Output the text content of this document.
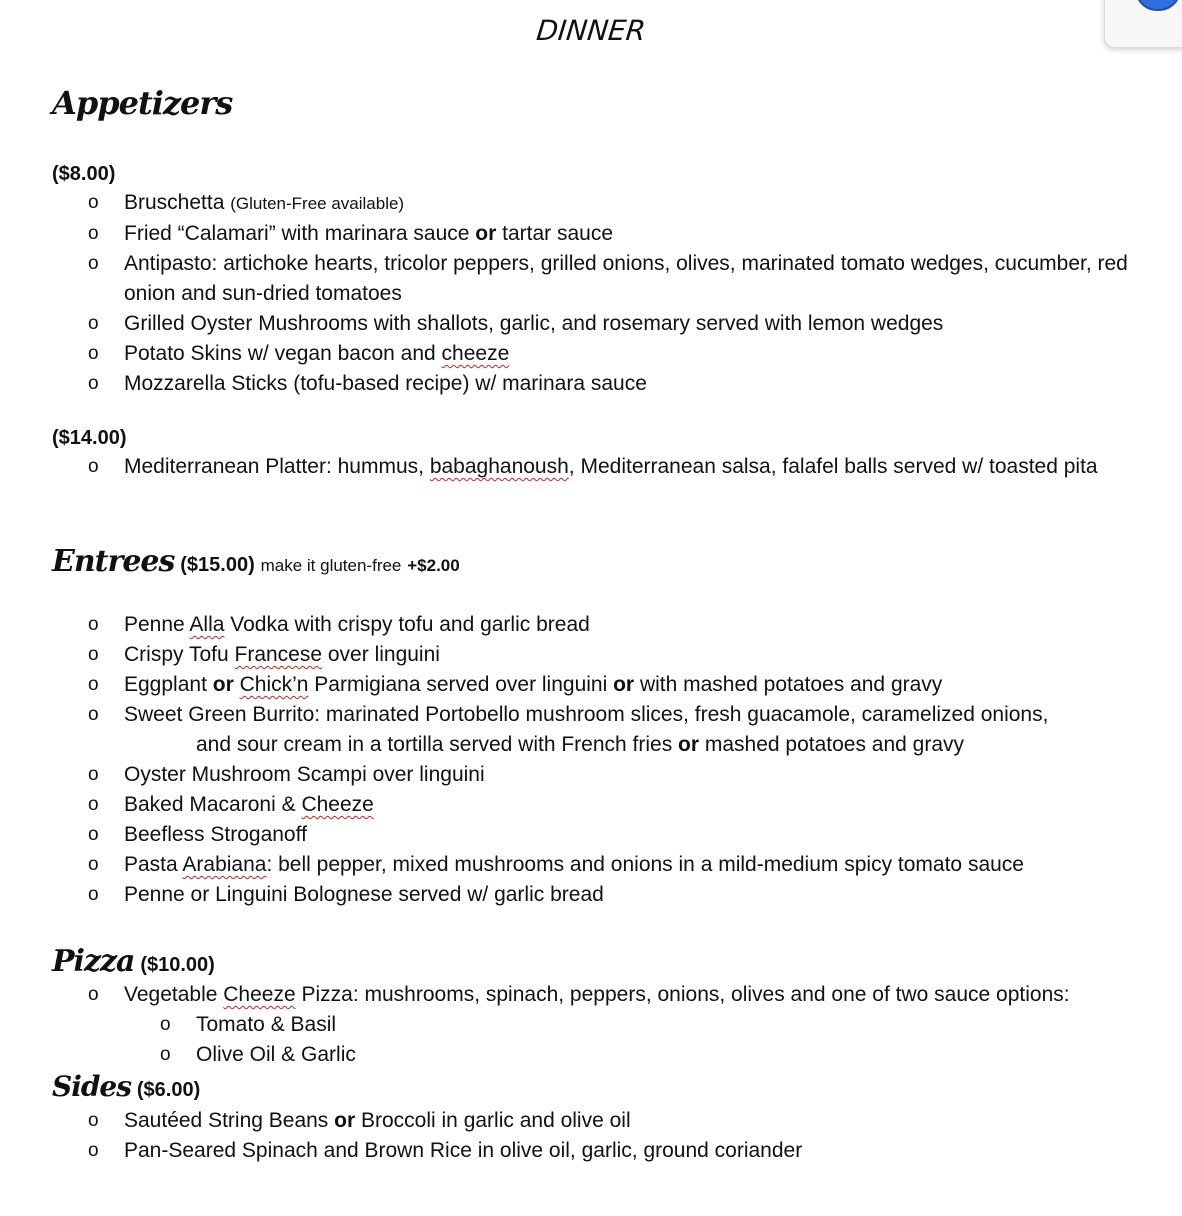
DINNER
Appetizers
($8.00)
o Bruschetta (Gluten-Free available)
o Fried “Calamari” with marinara sauce or tartar sauce
o Antipasto: artichoke hearts, tricolor peppers, grilled onions, olives, marinated tomato wedges, cucumber, red onion and sun-dried tomatoes
o Grilled Oyster Mushrooms with shallots, garlic, and rosemary served with lemon wedges
o Potato Skins w/ vegan bacon and cheeze
o Mozzarella Sticks (tofu-based recipe) w/ marinara sauce
($14.00)
o Mediterranean Platter: hummus, babaghanoush, Mediterranean salsa, falafel balls served w/ toasted pita
Entrees ($15.00) make it gluten-free +$2.00
o Penne Alla Vodka with crispy tofu and garlic bread
o Crispy Tofu Francese over linguini
o Eggplant or Chick’n Parmigiana served over linguini or with mashed potatoes and gravy
o Sweet Green Burrito: marinated Portobello mushroom slices, fresh guacamole, caramelized onions,
and sour cream in a tortilla served with French fries or mashed potatoes and gravy
o Oyster Mushroom Scampi over linguini
o Baked Macaroni & Cheeze
o Beefless Stroganoff
o Pasta Arabiana: bell pepper, mixed mushrooms and onions in a mild-medium spicy tomato sauce
o Penne or Linguini Bolognese served w/ garlic bread
Pizza ($10.00)
o Vegetable Cheeze Pizza: mushrooms, spinach, peppers, onions, olives and one of two sauce options:
o Tomato & Basil
o Olive Oil & Garlic
Sides ($6.00)
o Sautéed String Beans or Broccoli in garlic and olive oil
o Pan-Seared Spinach and Brown Rice in olive oil, garlic, ground coriander
